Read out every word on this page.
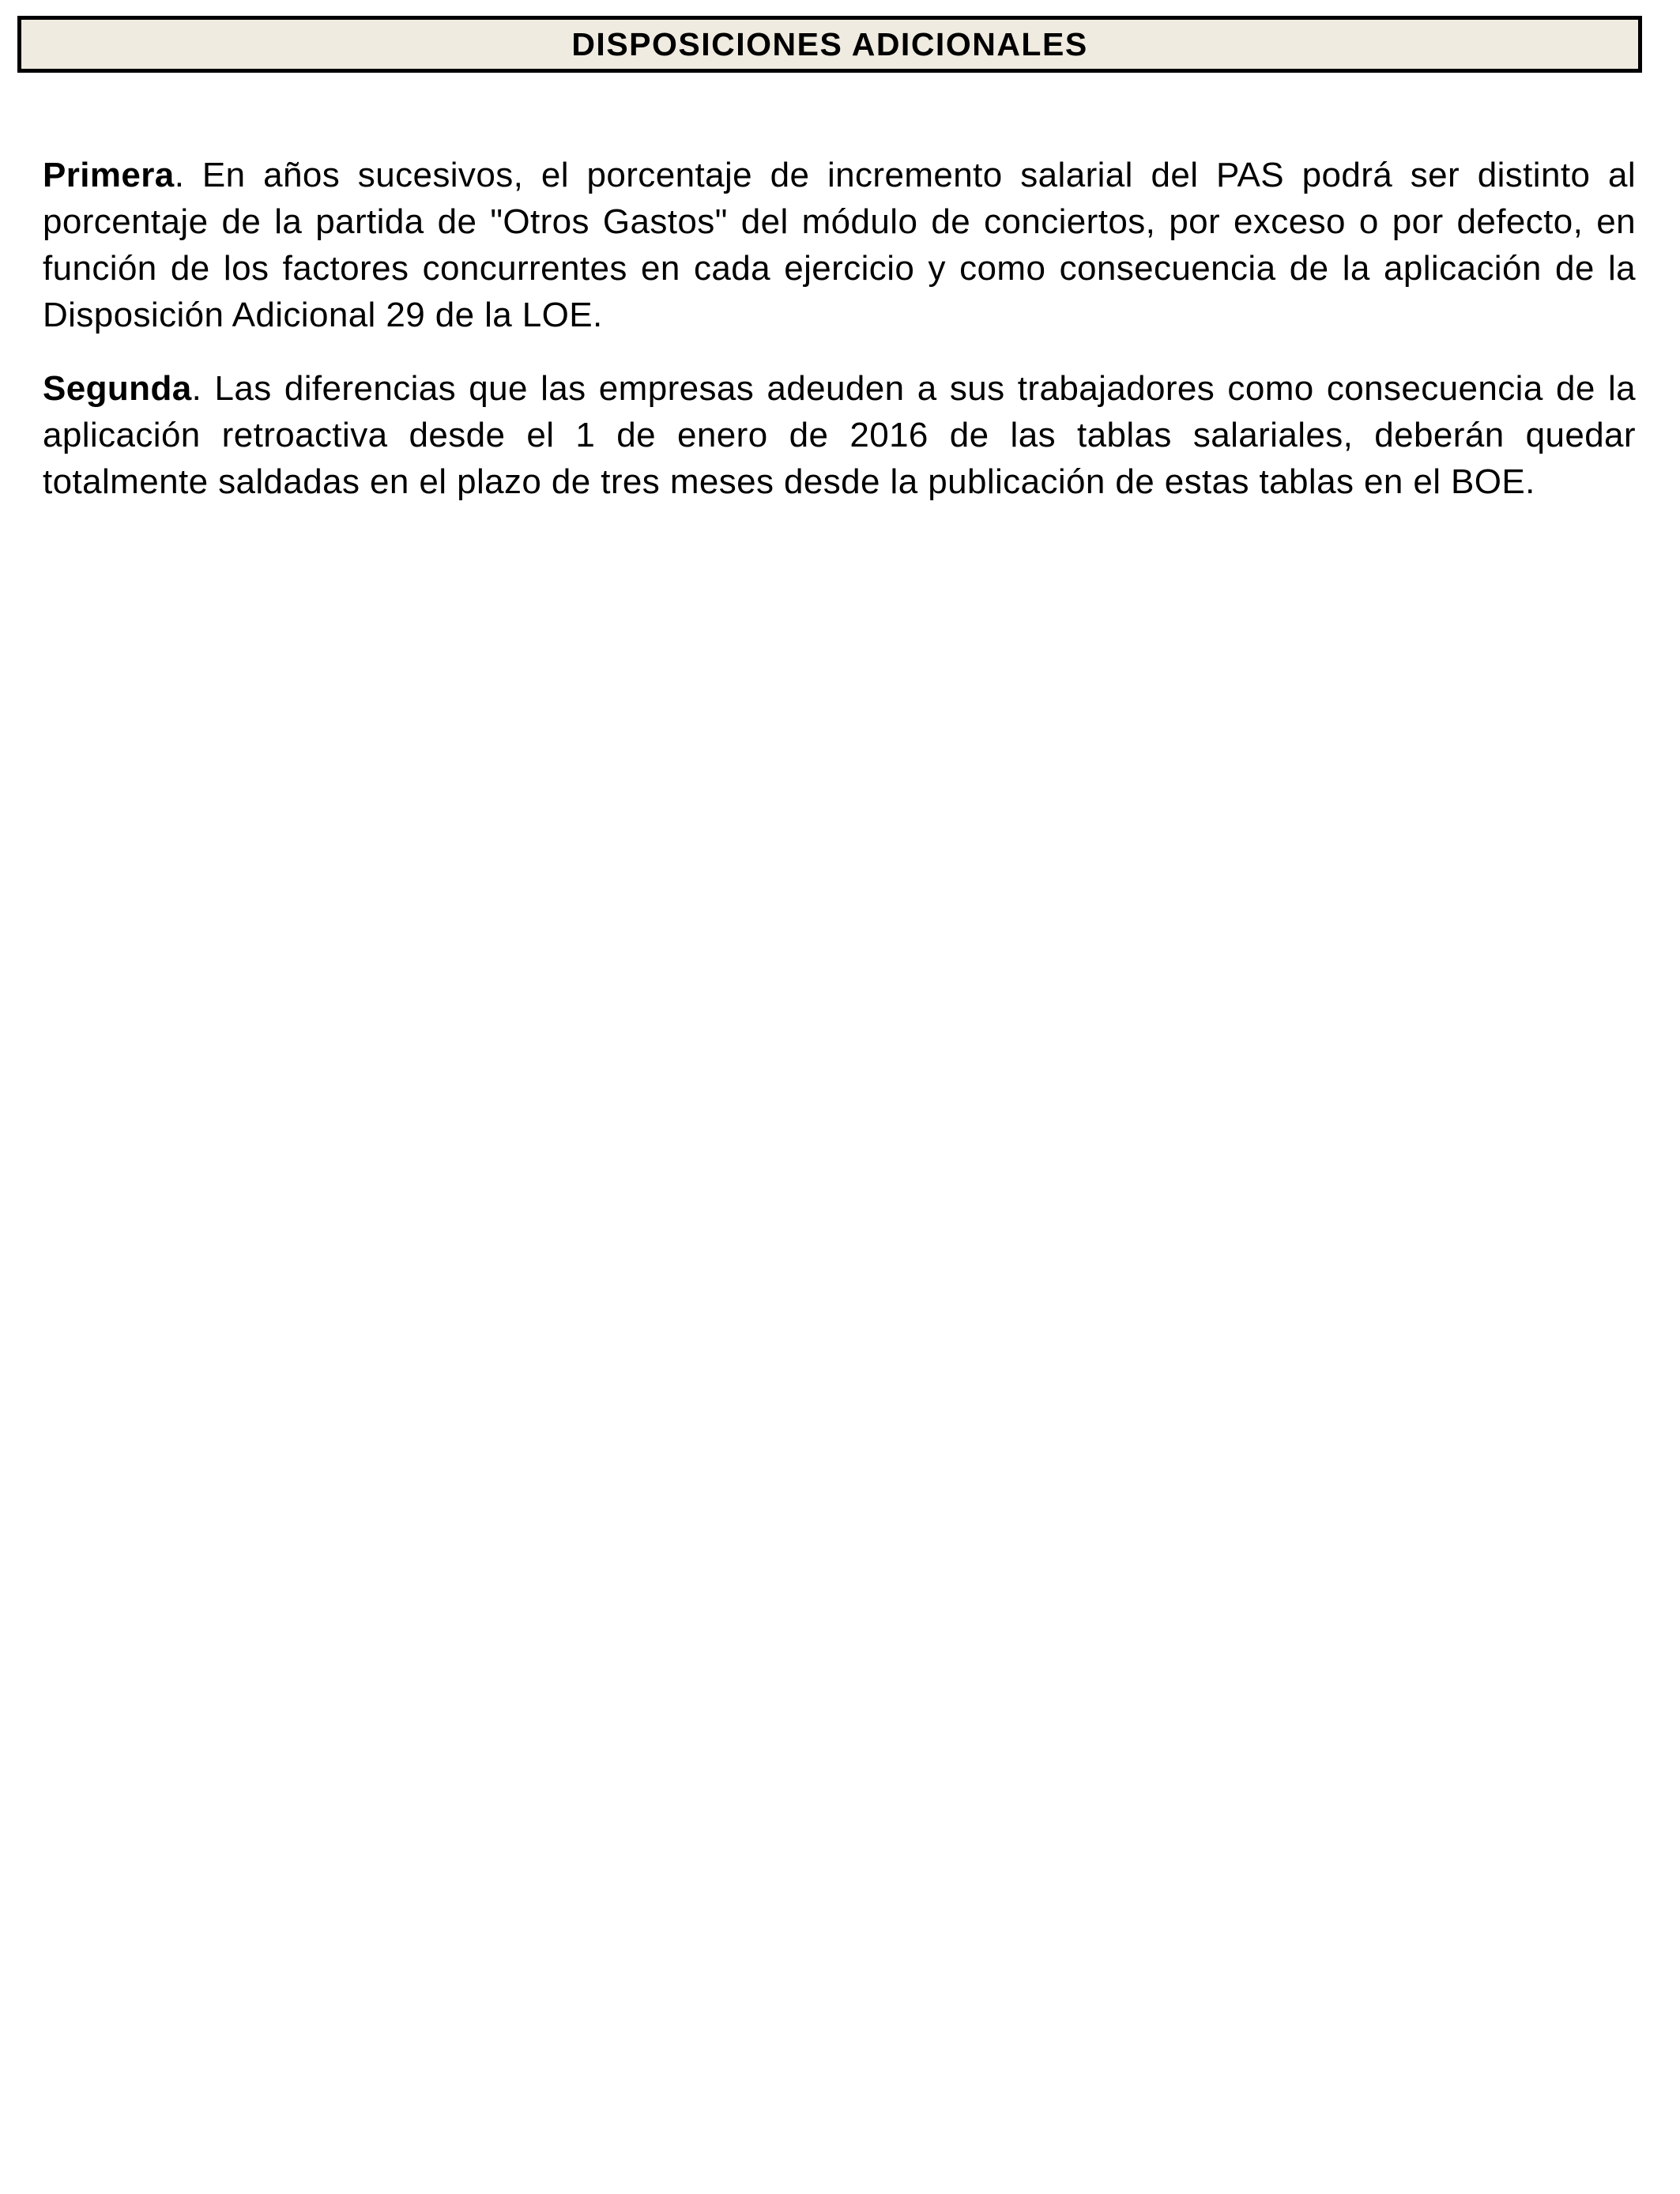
DISPOSICIONES ADICIONALES

Primera. En años sucesivos, el porcentaje de incremento salarial del PAS podrá ser distinto al porcentaje de la partida de "Otros Gastos" del módulo de conciertos, por exceso o por defecto, en función de los factores concurrentes en cada ejercicio y como consecuencia de la aplicación de la Disposición Adicional 29 de la LOE.

Segunda. Las diferencias que las empresas adeuden a sus trabajadores como consecuencia de la aplicación retroactiva desde el 1 de enero de 2016 de las tablas salariales, deberán quedar totalmente saldadas en el plazo de tres meses desde la publicación de estas tablas en el BOE.
